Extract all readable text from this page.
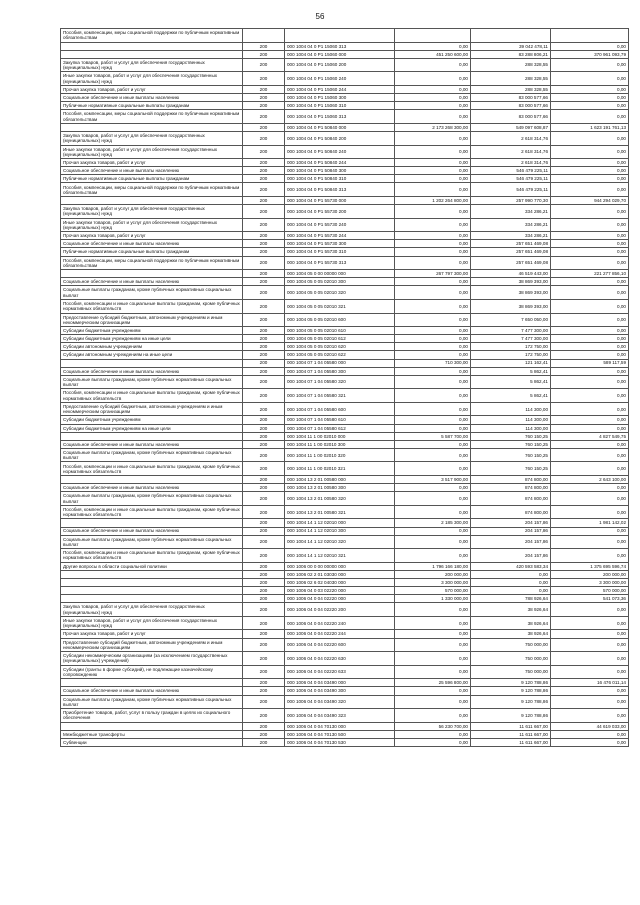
56
Пособия, компенсации, меры социальной поддержки по публичным нормативным обязательствам					
	200	000 1004 04 0 P1 15060 313	0,00	39 042 478,11	0,00
	200	000 1004 04 0 P1 15060 000	451 250 600,00	83 288 806,21	370 961 093,79
Закупка товаров, работ и услуг для обеспечения государственных (муниципальных) нужд	200	000 1004 04 0 P1 15060 200	0,00	288 328,55	0,00
Иные закупки товаров, работ и услуг для обеспечения государственных (муниципальных) нужд	200	000 1004 04 0 P1 15060 240	0,00	288 328,55	0,00
Прочая закупка товаров, работ и услуг	200	000 1004 04 0 P1 15060 244	0,00	288 328,55	0,00
Социальное обеспечение и иные выплаты населению	200	000 1004 04 0 P1 15060 300	0,00	83 000 577,66	0,00
Публичные нормативные социальные выплаты гражданам	200	000 1004 04 0 P1 15060 310	0,00	83 000 577,66	0,00
Пособия, компенсации, меры социальной поддержки по публичным нормативным обязательствам	200	000 1004 04 0 P1 15060 313	0,00	83 000 577,66	0,00
	200	000 1004 04 0 P1 50840 000	2 173 268 300,00	549 097 608,87	1 623 191 761,13
Закупка товаров, работ и услуг для обеспечения государственных (муниципальных) нужд	200	000 1004 04 0 P1 50840 200	0,00	2 618 314,76	0,00
Иные закупки товаров, работ и услуг для обеспечения государственных (муниципальных) нужд	200	000 1004 04 0 P1 50840 240	0,00	2 618 314,76	0,00
Прочая закупка товаров, работ и услуг	200	000 1004 04 0 P1 50840 244	0,00	2 618 314,76	0,00
Социальное обеспечение и иные выплаты населению	200	000 1004 04 0 P1 50840 300	0,00	546 479 225,11	0,00
Публичные нормативные социальные выплаты гражданам	200	000 1004 04 0 P1 50840 310	0,00	546 479 225,11	0,00
Пособия, компенсации, меры социальной поддержки по публичным нормативным обязательствам	200	000 1004 04 0 P1 50840 313	0,00	546 479 225,11	0,00
	200	000 1004 04 0 P1 55730 000	1 202 264 800,00	257 990 770,30	944 294 029,70
Закупка товаров, работ и услуг для обеспечения государственных (муниципальных) нужд	200	000 1004 04 0 P1 55730 200	0,00	334 286,21	0,00
Иные закупки товаров, работ и услуг для обеспечения государственных (муниципальных) нужд	200	000 1004 04 0 P1 55730 240	0,00	334 286,21	0,00
Прочая закупка товаров, работ и услуг	200	000 1004 04 0 P1 55730 244	0,00	334 286,21	0,00
Социальное обеспечение и иные выплаты населению	200	000 1004 04 0 P1 55730 300	0,00	257 651 469,08	0,00
Публичные нормативные социальные выплаты гражданам	200	000 1004 04 0 P1 55730 310	0,00	257 651 469,08	0,00
Пособия, компенсации, меры социальной поддержки по публичным нормативным обязательствам	200	000 1004 04 0 P1 55730 313	0,00	257 651 469,08	0,00
	200	000 1004 05 0 00 00000 000	267 797 300,00	46 519 443,00	221 277 856,10
Социальное обеспечение и иные выплаты населению	200	000 1004 05 0 05 02010 300	0,00	38 869 393,00	0,00
Социальные выплаты гражданам, кроме публичных нормативных социальных выплат	200	000 1004 05 0 05 02010 320	0,00	38 869 393,00	0,00
Пособия, компенсации и иные социальные выплаты гражданам, кроме публичных нормативных обязательств	200	000 1004 05 0 05 02010 321	0,00	38 869 393,00	0,00
Предоставление субсидий бюджетным, автономным учреждениям и иным некоммерческим организациям	200	000 1004 05 0 05 02010 600	0,00	7 650 050,00	0,00
Субсидии бюджетным учреждениям	200	000 1004 05 0 05 02010 610	0,00	7 477 300,00	0,00
Субсидии бюджетным учреждениям на иные цели	200	000 1004 05 0 05 02010 612	0,00	7 477 300,00	0,00
Субсидии автономным учреждениям	200	000 1004 05 0 05 02010 620	0,00	172 750,00	0,00
Субсидии автономным учреждениям на иные цели	200	000 1004 05 0 05 02010 622	0,00	172 750,00	0,00
	200	000 1004 07 1 04 05580 000	710 300,00	121 162,41	589 117,59
Социальное обеспечение и иные выплаты населению	200	000 1004 07 1 04 05580 300	0,00	5 862,41	0,00
Социальные выплаты гражданам, кроме публичных нормативных социальных выплат	200	000 1004 07 1 04 05580 320	0,00	5 862,41	0,00
Пособия, компенсации и иные социальные выплаты гражданам, кроме публичных нормативных обязательств	200	000 1004 07 1 04 05580 321	0,00	5 862,41	0,00
Предоставление субсидий бюджетным, автономным учреждениям и иным некоммерческим организациям	200	000 1004 07 1 04 05580 600	0,00	114 300,00	0,00
Субсидии бюджетным учреждениям	200	000 1004 07 1 04 05580 610	0,00	114 300,00	0,00
Субсидии бюджетным учреждениям на иные цели	200	000 1004 07 1 04 05580 612	0,00	114 300,00	0,00
	200	000 1004 11 1 00 02010 000	5 587 700,00	760 150,25	4 827 549,75
Социальное обеспечение и иные выплаты населению	200	000 1004 11 1 00 02010 300	0,00	760 150,25	0,00
Социальные выплаты гражданам, кроме публичных нормативных социальных выплат	200	000 1004 11 1 00 02010 320	0,00	760 150,25	0,00
Пособия, компенсации и иные социальные выплаты гражданам, кроме публичных нормативных обязательств	200	000 1004 11 1 00 02010 321	0,00	760 150,25	0,00
	200	000 1004 13 2 01 00580 000	3 517 900,00	874 800,00	2 643 100,00
Социальное обеспечение и иные выплаты населению	200	000 1004 13 2 01 00580 300	0,00	874 800,00	0,00
Социальные выплаты гражданам, кроме публичных нормативных социальных выплат	200	000 1004 13 2 01 00580 320	0,00	874 800,00	0,00
Пособия, компенсации и иные социальные выплаты гражданам, кроме публичных нормативных обязательств	200	000 1004 13 2 01 00580 321	0,00	874 800,00	0,00
	200	000 1004 14 1 12 02010 000	2 185 300,00	204 157,86	1 981 142,02
Социальное обеспечение и иные выплаты населению	200	000 1004 14 1 12 02010 300	0,00	204 157,86	0,00
Социальные выплаты гражданам, кроме публичных нормативных социальных выплат	200	000 1004 14 1 12 02010 320	0,00	204 157,86	0,00
Пособия, компенсации и иные социальные выплаты гражданам, кроме публичных нормативных обязательств	200	000 1004 14 1 12 02010 321	0,00	204 157,86	0,00
Другие вопросы в области социальной политики	200	000 1006 00 0 00 00000 000	1 796 166 180,00	420 593 583,34	1 375 695 596,74
	200	000 1006 02 2 01 03030 000	200 000,00	0,00	200 000,00
	200	000 1006 02 6 02 04030 000	3 300 000,00	0,00	3 300 000,00
	200	000 1006 04 0 03 02220 000	570 000,00	0,00	570 000,00
	200	000 1006 04 0 04 02220 000	1 330 000,00	788 926,64	541 073,36
Закупка товаров, работ и услуг для обеспечения государственных (муниципальных) нужд	200	000 1006 04 0 04 02220 200	0,00	38 926,64	0,00
Иные закупки товаров, работ и услуг для обеспечения государственных (муниципальных) нужд	200	000 1006 04 0 04 02220 240	0,00	38 926,64	0,00
Прочая закупка товаров, работ и услуг	200	000 1006 04 0 04 02220 244	0,00	38 926,64	0,00
Предоставление субсидий бюджетным, автономным учреждениям и иным некоммерческим организациям	200	000 1006 04 0 04 02220 600	0,00	750 000,00	0,00
Субсидии некоммерческим организациям (за исключением государственных (муниципальных) учреждений)	200	000 1006 04 0 04 02220 630	0,00	750 000,00	0,00
Субсидии (гранты в форме субсидий), не подлежащие казначейскому сопровождению	200	000 1006 04 0 04 02220 633	0,00	750 000,00	0,00
	200	000 1006 04 0 04 03490 000	25 596 800,00	9 120 788,86	16 476 011,14
Социальное обеспечение и иные выплаты населению	200	000 1006 04 0 04 03490 300	0,00	9 120 788,86	0,00
Социальные выплаты гражданам, кроме публичных нормативных социальных выплат	200	000 1006 04 0 04 03490 320	0,00	9 120 788,86	0,00
Приобретение товаров, работ, услуг в пользу граждан в целях их социального обеспечения	200	000 1006 04 0 04 03490 323	0,00	9 120 788,86	0,00
	200	000 1006 04 0 04 70130 000	56 230 700,00	11 611 667,00	44 619 033,00
Межбюджетные трансферты	200	000 1006 04 0 04 70130 500	0,00	11 611 667,00	0,00
Субвенции	200	000 1006 04 0 04 70130 530	0,00	11 611 667,00	0,00
